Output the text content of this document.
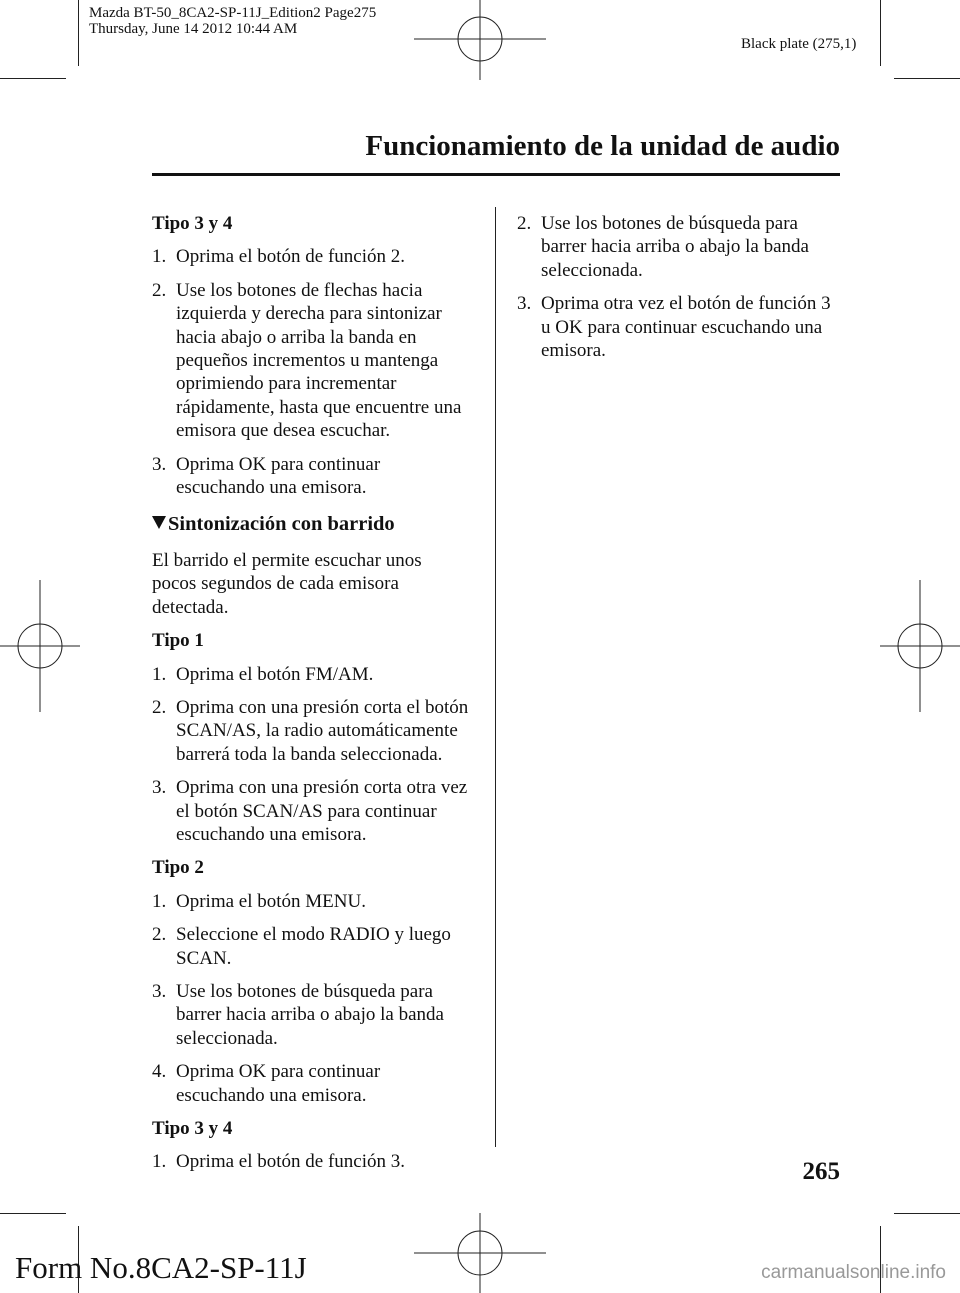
Mazda BT-50_8CA2-SP-11J_Edition2 Page275
Thursday, June 14 2012 10:44 AM
Black plate (275,1)
Funcionamiento de la unidad de audio

Tipo 3 y 4

1. Oprima el botón de función 2.

2. Use los botones de flechas hacia izquierda y derecha para sintonizar hacia abajo o arriba la banda en pequeños incrementos u mantenga oprimiendo para incrementar rápidamente, hasta que encuentre una emisora que desea escuchar.

3. Oprima OK para continuar escuchando una emisora.

Sintonización con barrido

El barrido el permite escuchar unos pocos segundos de cada emisora detectada.

Tipo 1

1. Oprima el botón FM/AM.

2. Oprima con una presión corta el botón SCAN/AS, la radio automáticamente barrerá toda la banda seleccionada.

3. Oprima con una presión corta otra vez el botón SCAN/AS para continuar escuchando una emisora.

Tipo 2

1. Oprima el botón MENU.

2. Seleccione el modo RADIO y luego SCAN.

3. Use los botones de búsqueda para barrer hacia arriba o abajo la banda seleccionada.

4. Oprima OK para continuar escuchando una emisora.

Tipo 3 y 4

1. Oprima el botón de función 3.

2. Use los botones de búsqueda para barrer hacia arriba o abajo la banda seleccionada.

3. Oprima otra vez el botón de función 3 u OK para continuar escuchando una emisora.

265
Form No.8CA2-SP-11J	carmanualsonline.info
